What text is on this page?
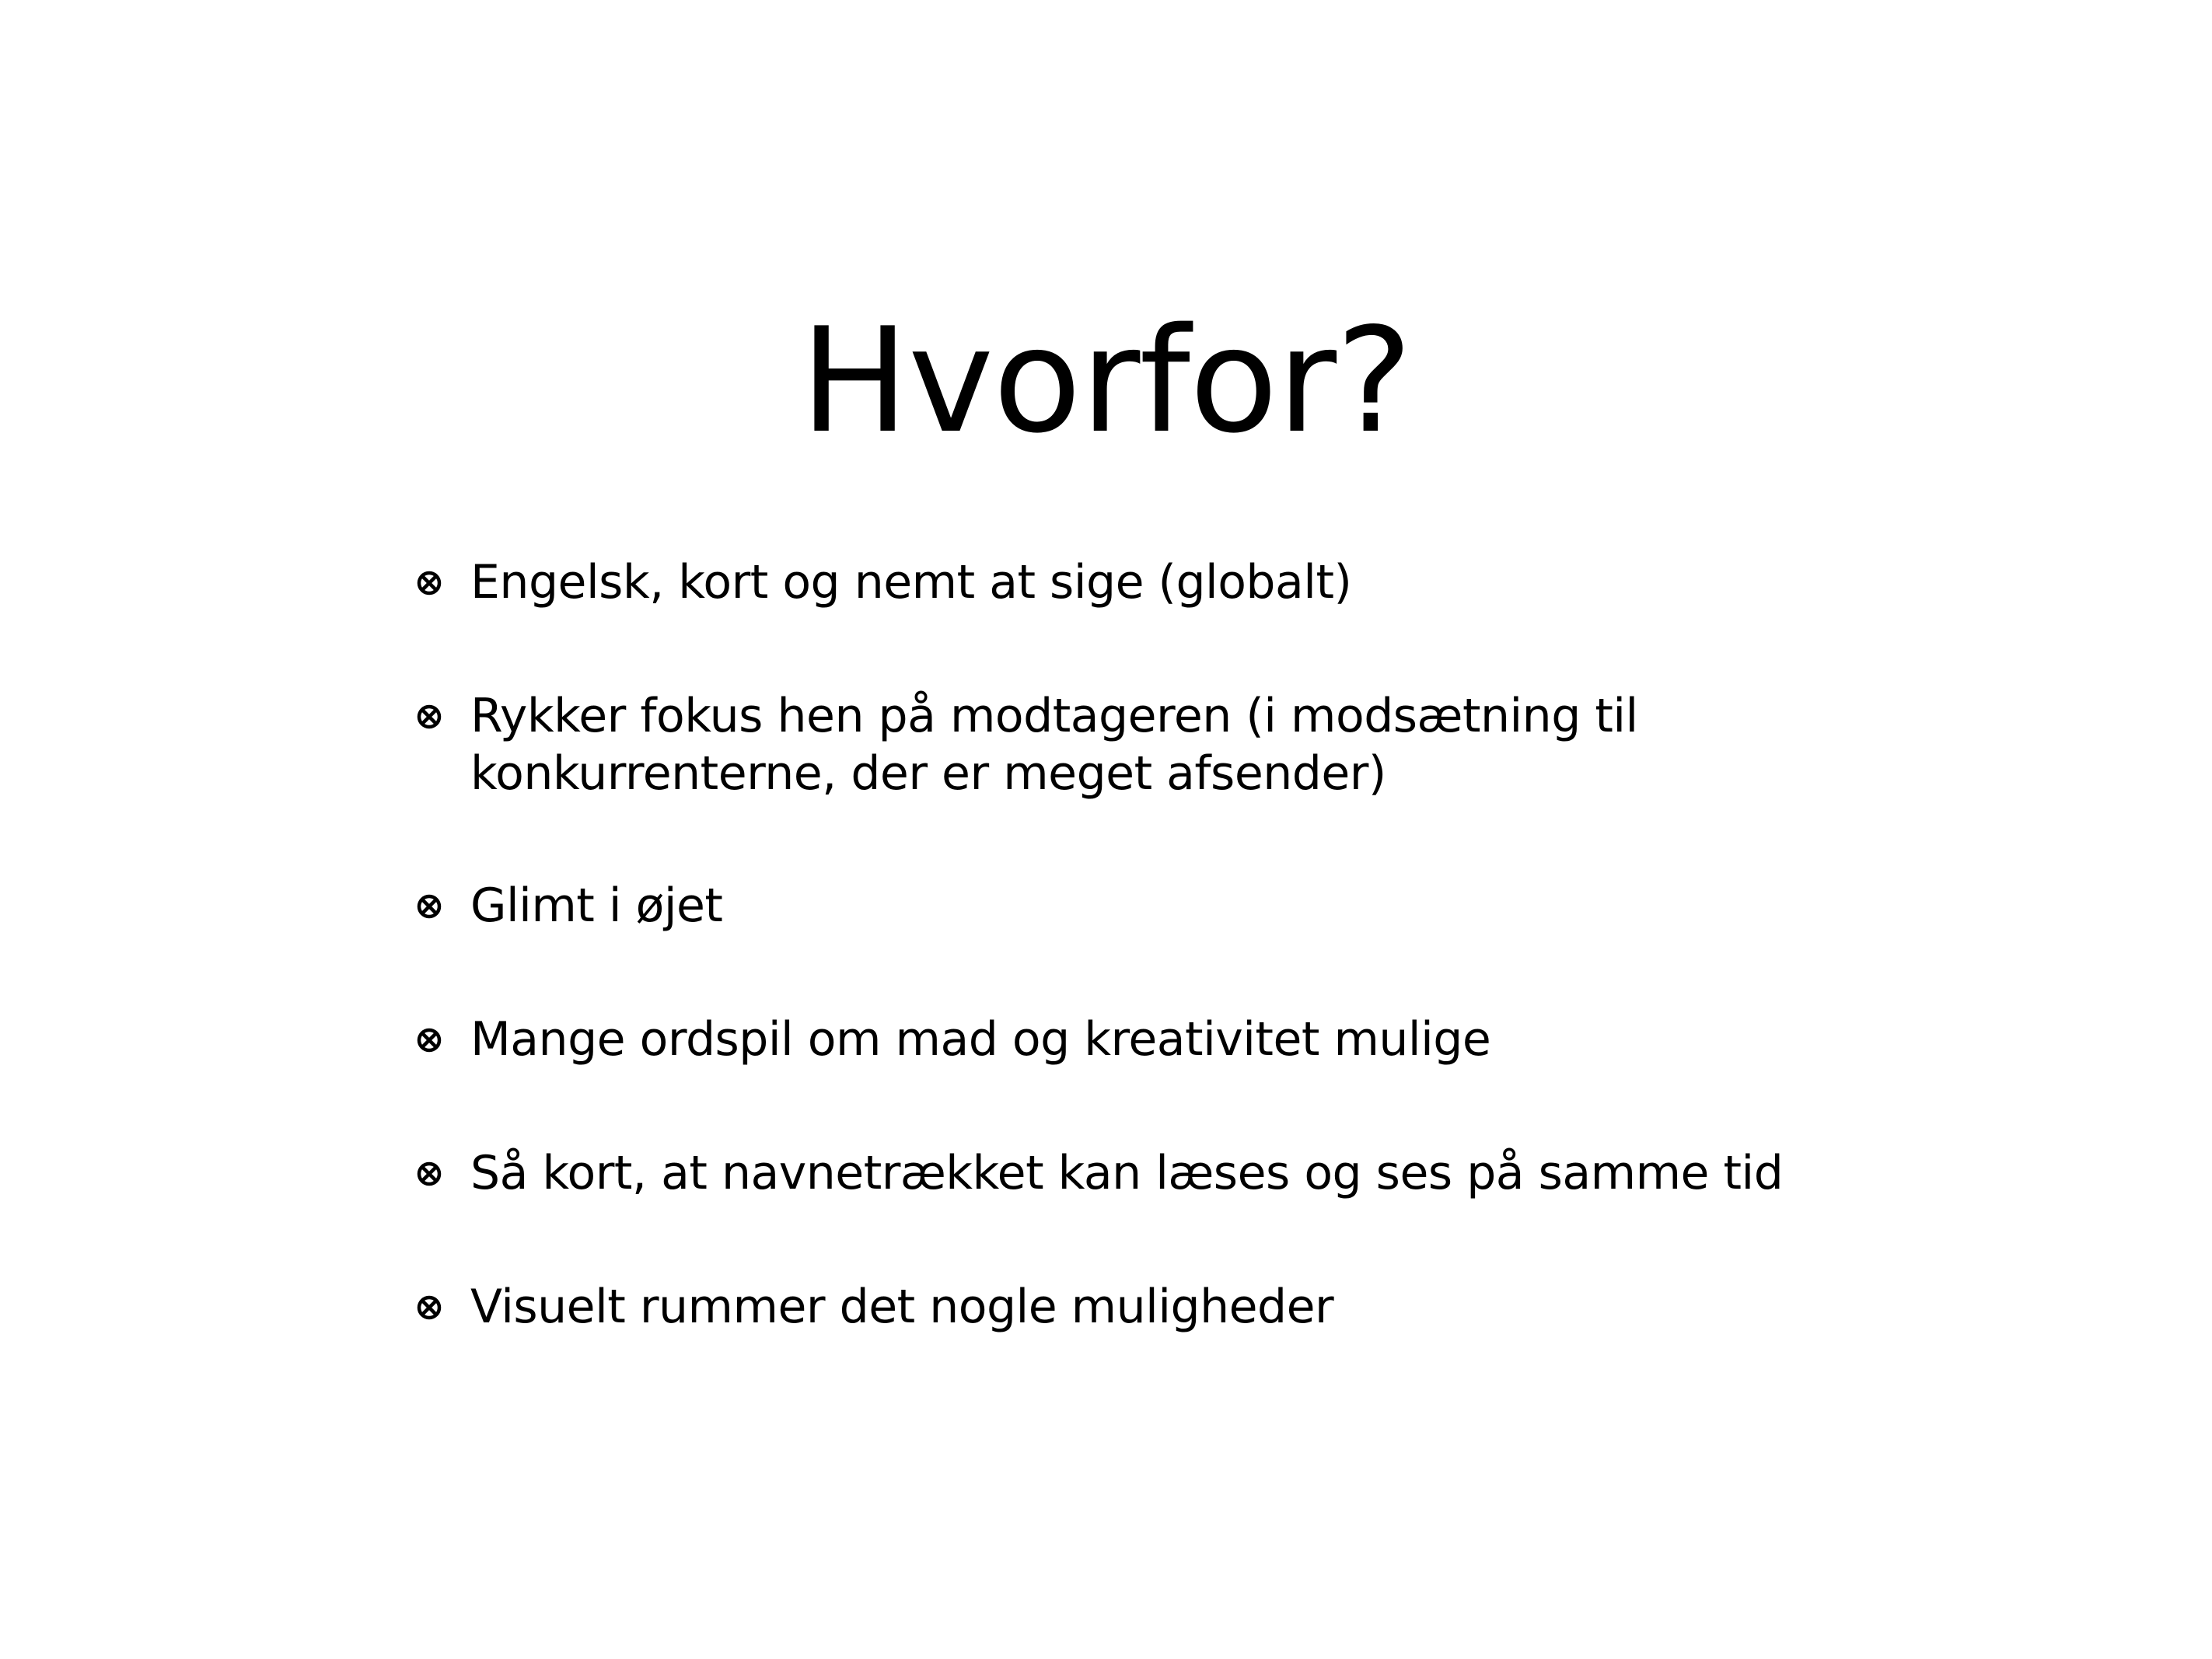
Hvorfor?
Engelsk, kort og nemt at sige (globalt)
Rykker fokus hen på modtageren (i modsætning til
konkurrenterne, der er meget afsender)
Glimt i øjet
Mange ordspil om mad og kreativitet mulige
Så kort, at navnetrækket kan læses og ses på samme tid
Visuelt rummer det nogle muligheder
